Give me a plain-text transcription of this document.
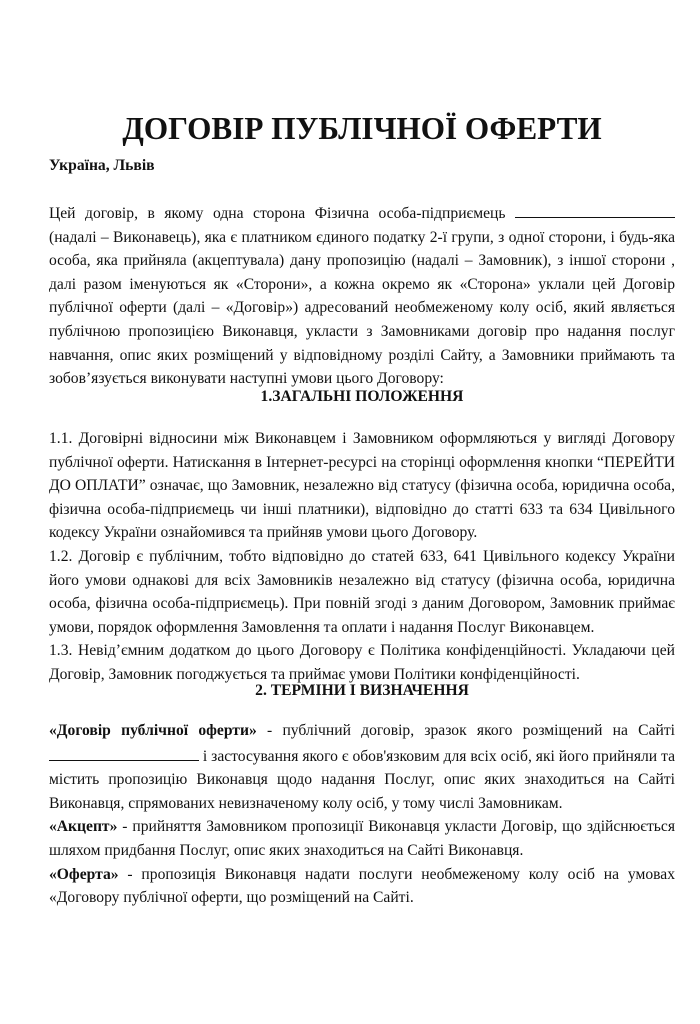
ДОГОВІР ПУБЛІЧНОЇ ОФЕРТИ

Україна, Львів

Цей договір, в якому одна сторона Фізична особа-підприємець  (надалі – Виконавець), яка є платником єдиного податку 2-ї групи, з одної сторони, і будь-яка особа, яка прийняла (акцептувала) дану пропозицію (надалі – Замовник), з іншої сторони , далі разом іменуються як «Сторони», а кожна окремо як «Сторона» уклали цей Договір публічної оферти (далі – «Договір») адресований необмеженому колу осіб, який являється публічною пропозицією Виконавця, укласти з Замовниками договір про надання послуг навчання, опис яких розміщений у відповідному розділі Сайту, а Замовники приймають та зобов’язується виконувати наступні умови цього Договору:

1.ЗАГАЛЬНІ ПОЛОЖЕННЯ

1.1. Договірні відносини між Виконавцем і Замовником оформляються у вигляді Договору публічної оферти. Натискання в Інтернет-ресурсі на сторінці оформлення кнопки “ПЕРЕЙТИ ДО ОПЛАТИ” означає, що Замовник, незалежно від статусу (фізична особа, юридична особа, фізична особа-підприємець чи інші платники), відповідно до статті 633 та 634 Цивільного кодексу України ознайомився та прийняв умови цього Договору.

1.2. Договір є публічним, тобто відповідно до статей 633, 641 Цивільного кодексу України його умови однакові для всіх Замовників незалежно від статусу (фізична особа, юридична особа, фізична особа-підприємець). При повній згоді з даним Договором, Замовник приймає умови, порядок оформлення Замовлення та оплати і надання Послуг Виконавцем.

1.3. Невід’ємним додатком до цього Договору є Політика конфіденційності. Укладаючи цей Договір, Замовник погоджується та приймає умови Політики конфіденційності.

2. ТЕРМІНИ І ВИЗНАЧЕННЯ

«Договір публічної оферти» - публічний договір, зразок якого розміщений на Сайті  і застосування якого є обов'язковим для всіх осіб, які його прийняли та містить пропозицію Виконавця щодо надання Послуг, опис яких знаходиться на Сайті Виконавця, спрямованих невизначеному колу осіб, у тому числі Замовникам.

«Акцепт» - прийняття Замовником пропозиції Виконавця укласти Договір, що здійснюється шляхом придбання Послуг, опис яких знаходиться на Сайті Виконавця.

«Оферта» - пропозиція Виконавця надати послуги необмеженому колу осіб на умовах «Договору публічної оферти, що розміщений на Сайті.
